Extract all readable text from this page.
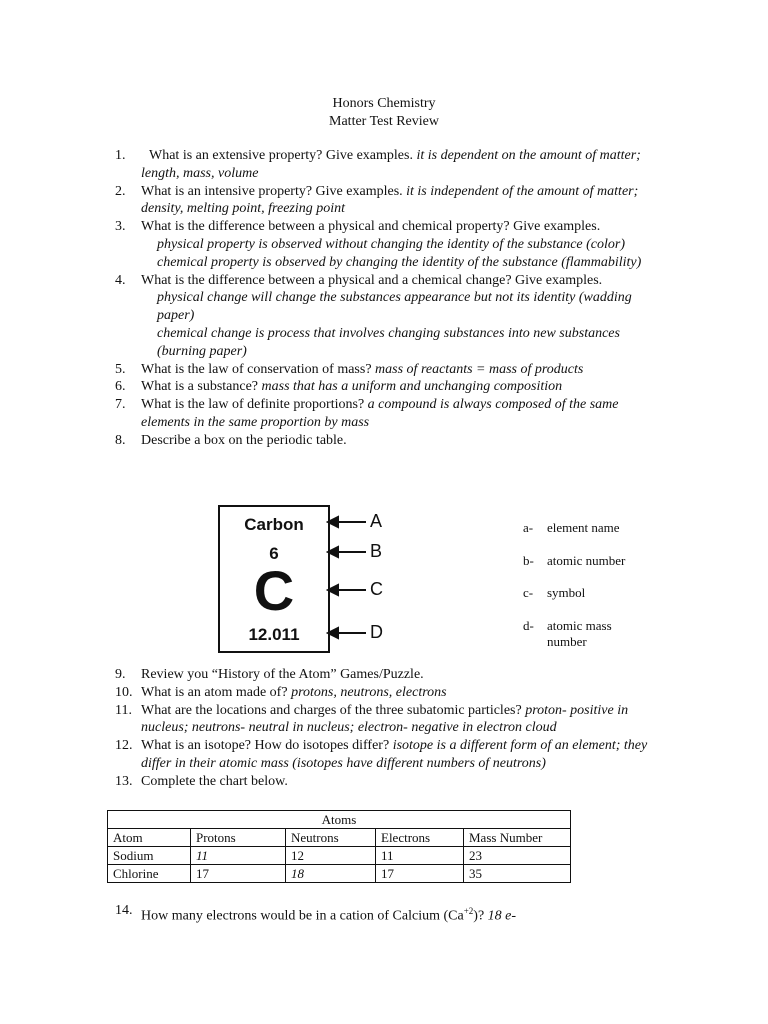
Honors Chemistry
Matter Test Review
1.	What is an extensive property? Give examples. it is dependent on the amount of matter; length, mass, volume
2.	What is an intensive property? Give examples. it is independent of the amount of matter; density, melting point, freezing point
3.	What is the difference between a physical and chemical property? Give examples.
physical property is observed without changing the identity of the substance (color)
chemical property is observed by changing the identity of the substance (flammability)
4.	What is the difference between a physical and a chemical change? Give examples.
physical change will change the substances appearance but not its identity (wadding paper)
chemical change is process that involves changing substances into new substances (burning paper)
5.	What is the law of conservation of mass? mass of reactants = mass of products
6.	What is a substance? mass that has a uniform and unchanging composition
7.	What is the law of definite proportions? a compound is always composed of the same elements in the same proportion by mass
8.	Describe a box on the periodic table.
Carbon
6
C
12.011
A
B
C
D
a- element name
b- atomic number
c- symbol
d- atomic mass number
9.	Review you “History of the Atom” Games/Puzzle.
10. What is an atom made of? protons, neutrons, electrons
11. What are the locations and charges of the three subatomic particles? proton- positive in nucleus; neutrons- neutral in nucleus; electron- negative in electron cloud
12. What is an isotope? How do isotopes differ? isotope is a different form of an element; they differ in their atomic mass (isotopes have different numbers of neutrons)
13. Complete the chart below.
Atoms				
Atom	Protons	Neutrons	Electrons	Mass Number
Sodium	11	12	11	23
Chlorine	17	18	17	35
14. How many electrons would be in a cation of Calcium $(Ca^{+2})$? 18 e-
